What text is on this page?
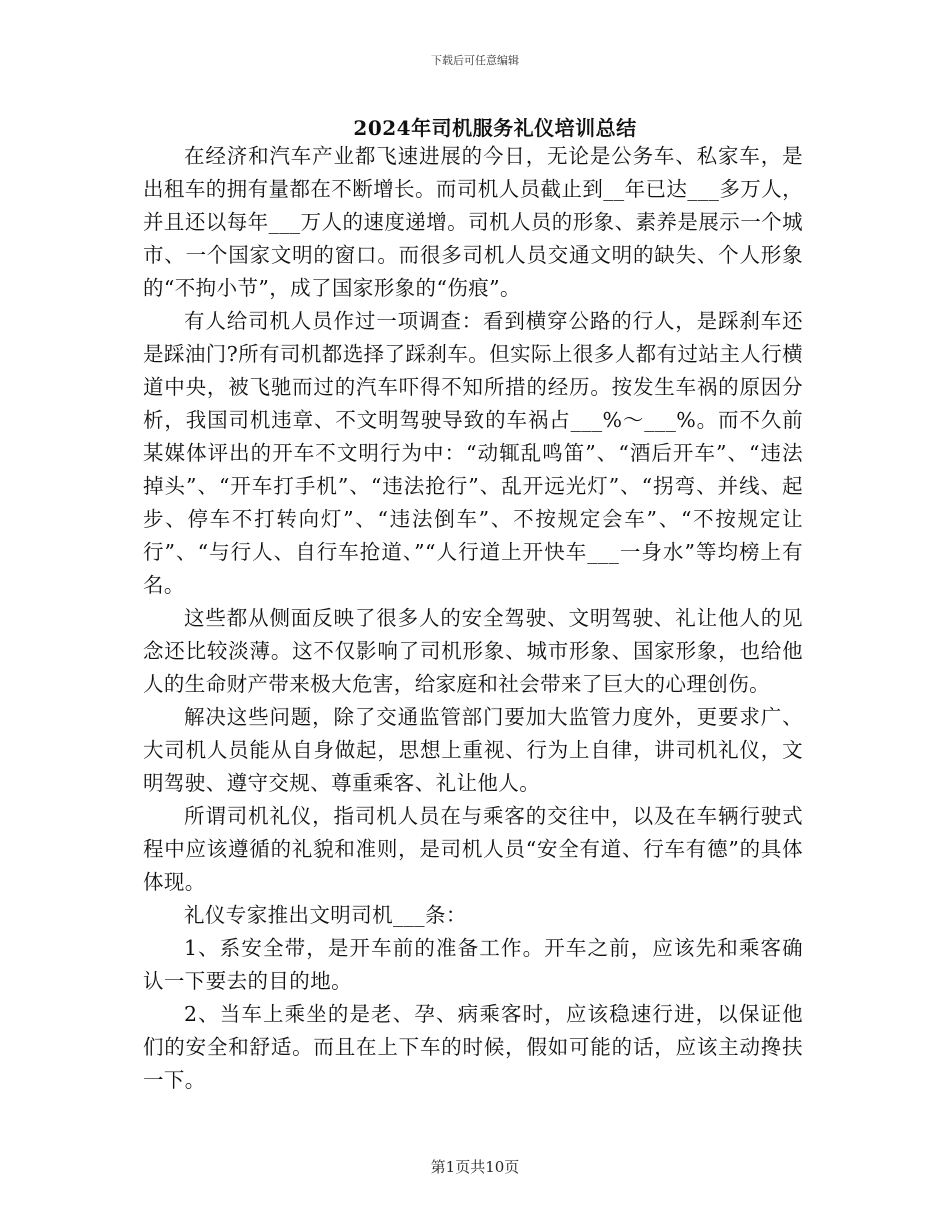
下载后可任意编辑
2024年司机服务礼仪培训总结

在经济和汽车产业都飞速进展的今日，无论是公务车、私家车，是出租车的拥有量都在不断增长。而司机人员截止到__年已达___多万人，并且还以每年___万人的速度递增。司机人员的形象、素养是展示一个城市、一个国家文明的窗口。而很多司机人员交通文明的缺失、个人形象的“不拘小节”，成了国家形象的“伤痕”。

有人给司机人员作过一项调查：看到横穿公路的行人，是踩刹车还是踩油门?所有司机都选择了踩刹车。但实际上很多人都有过站主人行横道中央，被飞驰而过的汽车吓得不知所措的经历。按发生车祸的原因分析，我国司机违章、不文明驾驶导致的车祸占___%～___%。而不久前某媒体评出的开车不文明行为中：“动辄乱鸣笛”、“酒后开车”、“违法掉头”、“开车打手机”、“违法抢行”、乱开远光灯”、“拐弯、并线、起步、停车不打转向灯”、“违法倒车”、不按规定会车”、“不按规定让行”、“与行人、自行车抢道、”“人行道上开快车___一身水”等均榜上有名。

这些都从侧面反映了很多人的安全驾驶、文明驾驶、礼让他人的见念还比较淡薄。这不仅影响了司机形象、城市形象、国家形象，也给他人的生命财产带来极大危害，给家庭和社会带来了巨大的心理创伤。

解决这些问题，除了交通监管部门要加大监管力度外，更要求广、大司机人员能从自身做起，思想上重视、行为上自律，讲司机礼仪，文明驾驶、遵守交规、尊重乘客、礼让他人。

所谓司机礼仪，指司机人员在与乘客的交往中，以及在车辆行驶式程中应该遵循的礼貌和准则，是司机人员“安全有道、行车有德”的具体体现。

礼仪专家推出文明司机___条：

1、系安全带，是开车前的准备工作。开车之前，应该先和乘客确认一下要去的目的地。

2、当车上乘坐的是老、孕、病乘客时，应该稳速行进，以保证他们的安全和舒适。而且在上下车的时候，假如可能的话，应该主动搀扶一下。

第1页共10页
